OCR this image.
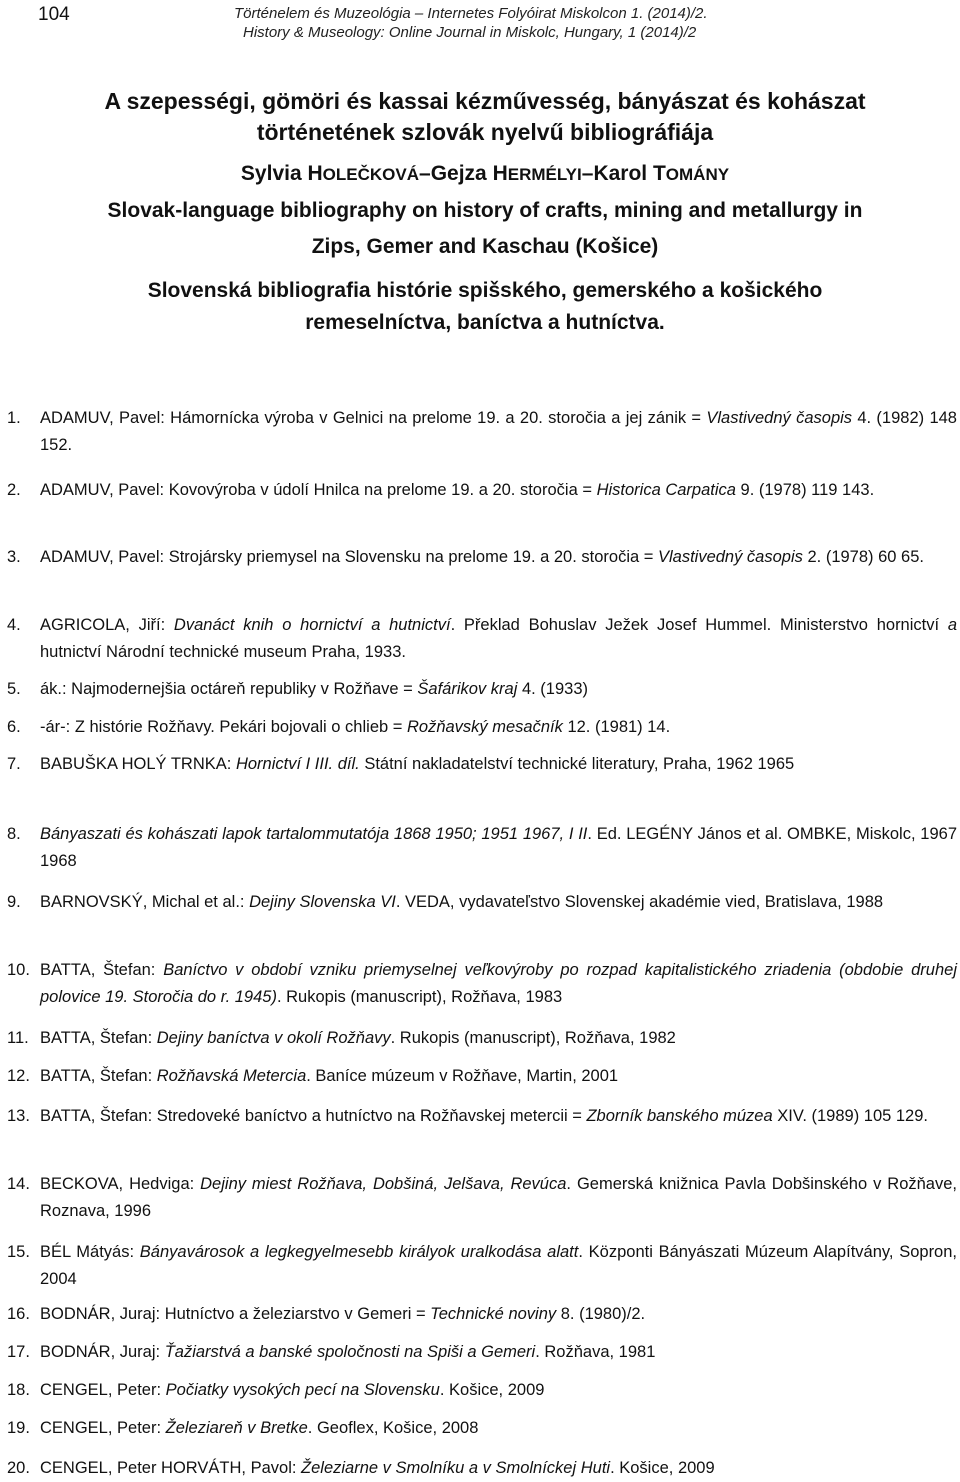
104	Történelem és Muzeológia – Internetes Folyóirat Miskolcon 1. (2014)/2.
History & Museology: Online Journal in Miskolc, Hungary, 1 (2014)/2
A szepességi, gömöri és kassai kézművesség, bányászat és kohászat
történetének szlovák nyelvű bibliográfiája
Sylvia HOLEČKOVÁ–Gejza HERMÉLYI–Karol TOMÁNY
Slovak-language bibliography on history of crafts, mining and metallurgy in
Zips, Gemer and Kaschau (Košice)
Slovenská bibliografia histórie spišského, gemerského a košického
remeselníctva, baníctva a hutníctva.
1. ADAMUV, Pavel: Hámornícka výroba v Gelnici na prelome 19. a 20. storočia a jej zánik = Vlastivedný časopis 4. (1982) 148 152.
2. ADAMUV, Pavel: Kovovýroba v údolí Hnilca na prelome 19. a 20. storočia = Historica Carpatica 9. (1978) 119 143.
3. ADAMUV, Pavel: Strojársky priemysel na Slovensku na prelome 19. a 20. storočia = Vlastivedný časopis 2. (1978) 60 65.
4. AGRICOLA, Jiří: Dvanáct knih o hornictví a hutnictví. Překlad Bohuslav Ježek Josef Hummel. Ministerstvo hornictví a hutnictví Národní technické museum Praha, 1933.
5. ák.: Najmodernejšia octáreň republiky v Rožňave = Šafárikov kraj 4. (1933)
6. -ár-: Z histórie Rožňavy. Pekári bojovali o chlieb = Rožňavský mesačník 12. (1981) 14.
7. BABUŠKA HOLÝ TRNKA: Hornictví I III. díl. Státní nakladatelství technické literatury, Praha, 1962 1965
8. Bányaszati és kohászati lapok tartalommutatója 1868 1950; 1951 1967, I II. Ed. LEGÉNY János et al. OMBKE, Miskolc, 1967 1968
9. BARNOVSKÝ, Michal et al.: Dejiny Slovenska VI. VEDA, vydavateľstvo Slovenskej akadémie vied, Bratislava, 1988
10. BATTA, Štefan: Baníctvo v období vzniku priemyselnej veľkovýroby po rozpad kapitalistického zriadenia (obdobie druhej polovice 19. Storočia do r. 1945). Rukopis (manuscript), Rožňava, 1983
11. BATTA, Štefan: Dejiny baníctva v okolí Rožňavy. Rukopis (manuscript), Rožňava, 1982
12. BATTA, Štefan: Rožňavská Metercia. Baníce múzeum v Rožňave, Martin, 2001
13. BATTA, Štefan: Stredoveké baníctvo a hutníctvo na Rožňavskej metercii = Zborník banského múzea XIV. (1989) 105 129.
14. BECKOVA, Hedviga: Dejiny miest Rožňava, Dobšiná, Jelšava, Revúca. Gemerská knižnica Pavla Dobšinského v Rožňave, Roznava, 1996
15. BÉL Mátyás: Bányavárosok a legkegyelmesebb királyok uralkodása alatt. Központi Bányászati Múzeum Alapítvány, Sopron, 2004
16. BODNÁR, Juraj: Hutníctvo a železiarstvo v Gemeri = Technické noviny 8. (1980)/2.
17. BODNÁR, Juraj: Ťažiarstvá a banské spoločnosti na Spiši a Gemeri. Rožňava, 1981
18. CENGEL, Peter: Počiatky vysokých pecí na Slovensku. Košice, 2009
19. CENGEL, Peter: Železiareň v Bretke. Geoflex, Košice, 2008
20. CENGEL, Peter HORVÁTH, Pavol: Železiarne v Smolníku a v Smolníckej Huti. Košice, 2009
